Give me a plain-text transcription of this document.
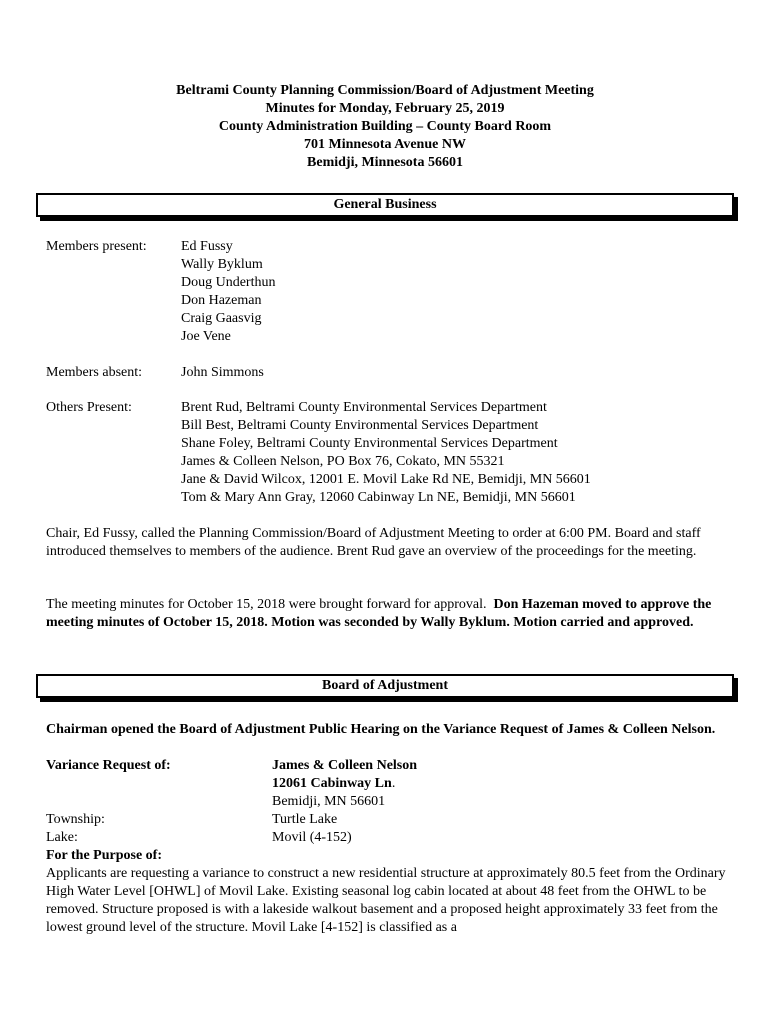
Beltrami County Planning Commission/Board of Adjustment Meeting
Minutes for Monday, February 25, 2019
County Administration Building – County Board Room
701 Minnesota Avenue NW
Bemidji, Minnesota 56601
General Business
Members present: Ed Fussy
Wally Byklum
Doug Underthun
Don Hazeman
Craig Gaasvig
Joe Vene
Members absent:	John Simmons
Others Present:	Brent Rud, Beltrami County Environmental Services Department
Bill Best, Beltrami County Environmental Services Department
Shane Foley, Beltrami County Environmental Services Department
James & Colleen Nelson, PO Box 76, Cokato, MN 55321
Jane & David Wilcox, 12001 E. Movil Lake Rd NE, Bemidji, MN 56601
Tom & Mary Ann Gray, 12060 Cabinway Ln NE, Bemidji, MN 56601
Chair, Ed Fussy, called the Planning Commission/Board of Adjustment Meeting to order at 6:00 PM. Board and staff introduced themselves to members of the audience. Brent Rud gave an overview of the proceedings for the meeting.
The meeting minutes for October 15, 2018 were brought forward for approval. Don Hazeman moved to approve the meeting minutes of October 15, 2018. Motion was seconded by Wally Byklum. Motion carried and approved.
Board of Adjustment
Chairman opened the Board of Adjustment Public Hearing on the Variance Request of James & Colleen Nelson.
Variance Request of:	James & Colleen Nelson
12061 Cabinway Ln.
Bemidji, MN 56601
Township:	Turtle Lake
Lake:	Movil (4-152)
For the Purpose of:
Applicants are requesting a variance to construct a new residential structure at approximately 80.5 feet from the Ordinary High Water Level [OHWL] of Movil Lake. Existing seasonal log cabin located at about 48 feet from the OHWL to be removed. Structure proposed is with a lakeside walkout basement and a proposed height approximately 33 feet from the lowest ground level of the structure. Movil Lake [4-152] is classified as a
